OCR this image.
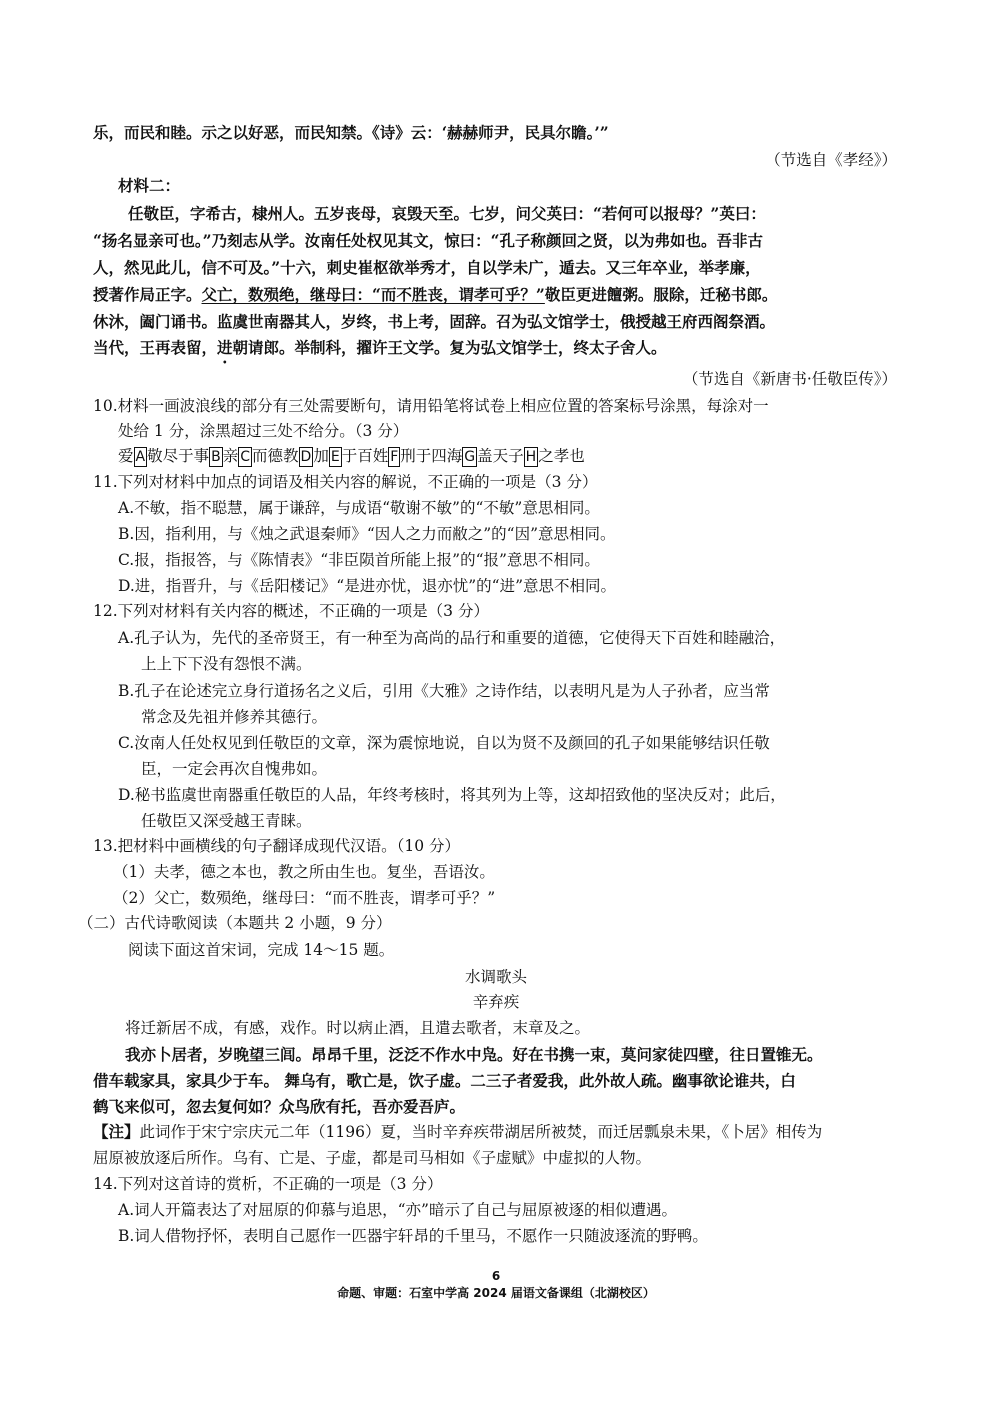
乐，而民和睦。示之以好恶，而民知禁。《诗》云：‘赫赫师尹，民具尔瞻。’”
（节选自《孝经》）
材料二：
任敬臣，字希古，棣州人。五岁丧母，哀毁天至。七岁，问父英曰：“若何可以报母？”英曰：
“扬名显亲可也。”乃刻志从学。汝南任处权见其文，惊曰：“孔子称颜回之贤，以为弗如也。吾非古
人，然见此儿，信不可及。”十六，刺史崔枢欲举秀才，自以学未广，遁去。又三年卒业，举孝廉，
授著作局正字。父亡，数殒绝，继母曰：“而不胜丧，谓孝可乎？”敬臣更进饘粥。服除，迁秘书郎。
休沐，阖门诵书。监虞世南器其人，岁终，书上考，固辞。召为弘文馆学士，俄授越王府西阁祭酒。
当代，王再表留，进朝请郎。举制科，擢许王文学。复为弘文馆学士，终太子舍人。
（节选自《新唐书·任敬臣传》）
10.材料一画波浪线的部分有三处需要断句，请用铅笔将试卷上相应位置的答案标号涂黑，每涂对一
处给 1 分，涂黑超过三处不给分。（3 分）
爱 A 敬尽于事 B 亲 C 而德教 D 加 E 于百姓 F 刑于四海 G 盖天子 H 之孝也
11.下列对材料中加点的词语及相关内容的解说，不正确的一项是（3 分）
A.不敏，指不聪慧，属于谦辞，与成语“敬谢不敏”的“不敏”意思相同。
B.因，指利用，与《烛之武退秦师》“因人之力而敝之”的“因”意思相同。
C.报，指报答，与《陈情表》“非臣陨首所能上报”的“报”意思不相同。
D.进，指晋升，与《岳阳楼记》“是进亦忧，退亦忧”的“进”意思不相同。
12.下列对材料有关内容的概述，不正确的一项是（3 分）
A.孔子认为，先代的圣帝贤王，有一种至为高尚的品行和重要的道德，它使得天下百姓和睦融洽，
上上下下没有怨恨不满。
B.孔子在论述完立身行道扬名之义后，引用《大雅》之诗作结，以表明凡是为人子孙者，应当常
常念及先祖并修养其德行。
C.汝南人任处权见到任敬臣的文章，深为震惊地说，自以为贤不及颜回的孔子如果能够结识任敬
臣，一定会再次自愧弗如。
D.秘书监虞世南器重任敬臣的人品，年终考核时，将其列为上等，这却招致他的坚决反对；此后，
任敬臣又深受越王青睐。
13.把材料中画横线的句子翻译成现代汉语。（10 分）
（1）夫孝，德之本也，教之所由生也。复坐，吾语汝。
（2）父亡，数殒绝，继母曰：“而不胜丧，谓孝可乎？”
（二）古代诗歌阅读（本题共 2 小题，9 分）
阅读下面这首宋词，完成 14～15 题。
水调歌头
辛弃疾
将迁新居不成，有感，戏作。时以病止酒，且遣去歌者，末章及之。
我亦卜居者，岁晚望三闾。昂昂千里，泛泛不作水中凫。好在书携一束，莫问家徒四壁，往日置锥无。
借车载家具，家具少于车。 舞乌有，歌亡是，饮子虚。二三子者爱我，此外故人疏。幽事欲论谁共，白
鹤飞来似可，忽去复何如？众鸟欣有托，吾亦爱吾庐。
【注】此词作于宋宁宗庆元二年（1196）夏，当时辛弃疾带湖居所被焚，而迁居瓢泉未果，《卜居》相传为
屈原被放逐后所作。乌有、亡是、子虚，都是司马相如《子虚赋》中虚拟的人物。
14.下列对这首诗的赏析，不正确的一项是（3 分）
A.词人开篇表达了对屈原的仰慕与追思，“亦”暗示了自己与屈原被逐的相似遭遇。
B.词人借物抒怀，表明自己愿作一匹器宇轩昂的千里马，不愿作一只随波逐流的野鸭。
6
命题、审题：石室中学高 2024 届语文备课组（北湖校区）
